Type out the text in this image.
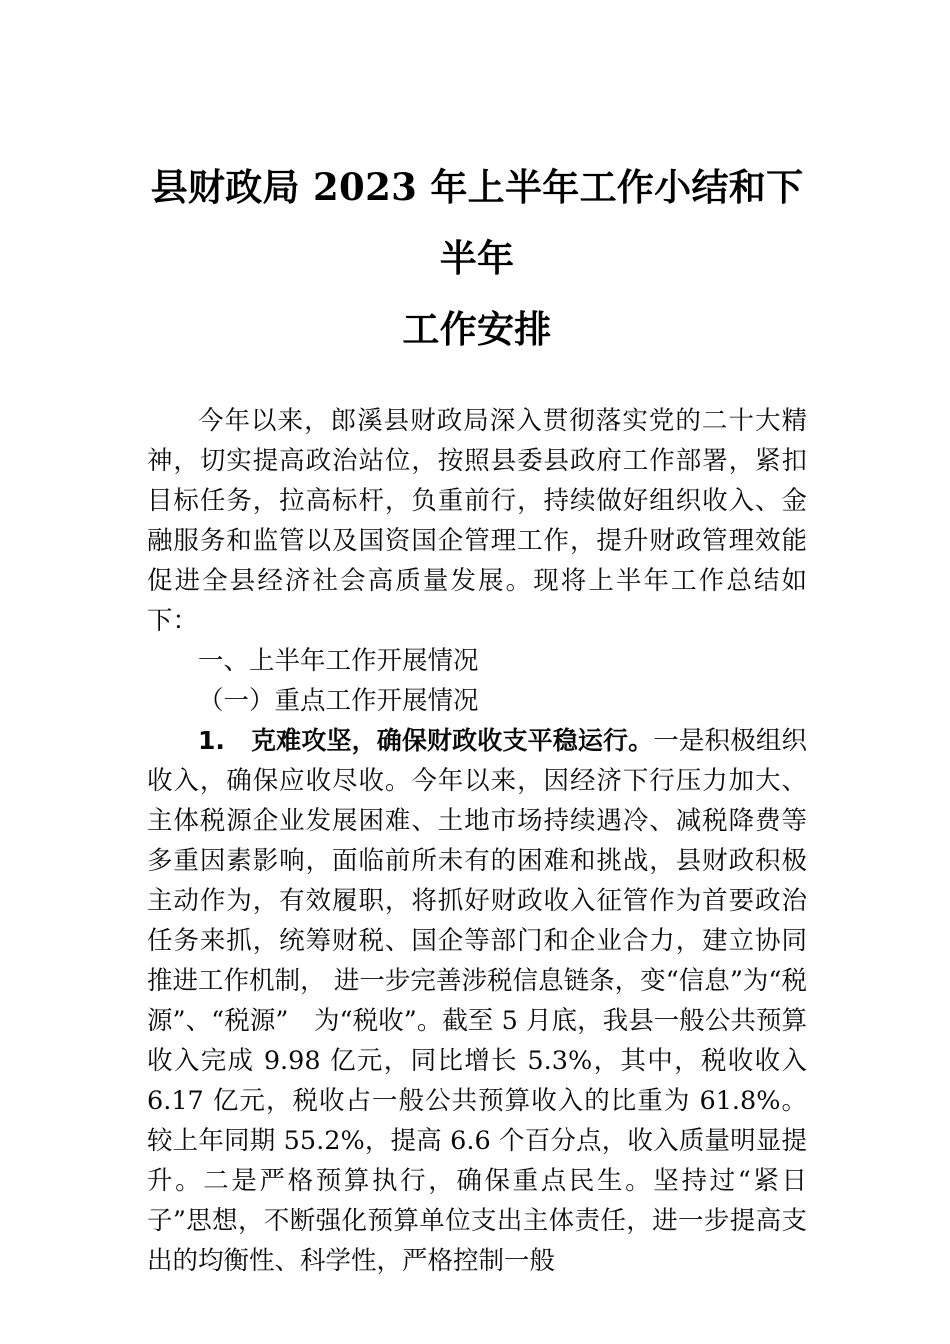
县财政局 2023 年上半年工作小结和下半年
工作安排

今年以来，郎溪县财政局深入贯彻落实党的二十大精神，切实提高政治站位，按照县委县政府工作部署，紧扣目标任务，拉高标杆，负重前行，持续做好组织收入、金融服务和监管以及国资国企管理工作，提升财政管理效能促进全县经济社会高质量发展。现将上半年工作总结如下：

一、上半年工作开展情况

（一）重点工作开展情况

1. 克难攻坚，确保财政收支平稳运行。一是积极组织收入，确保应收尽收。今年以来，因经济下行压力加大、主体税源企业发展困难、土地市场持续遇冷、减税降费等多重因素影响，面临前所未有的困难和挑战，县财政积极主动作为，有效履职，将抓好财政收入征管作为首要政治任务来抓，统筹财税、国企等部门和企业合力，建立协同推进工作机制， 进一步完善涉税信息链条，变“信息”为“税源”、“税源”　为“税收”。截至 5 月底，我县一般公共预算收入完成 9.98 亿元，同比增长 5.3%，其中，税收收入 6.17 亿元，税收占一般公共预算收入的比重为 61.8%。较上年同期 55.2%，提高 6.6 个百分点，收入质量明显提升。二是严格预算执行，确保重点民生。坚持过“紧日子”思想，不断强化预算单位支出主体责任，进一步提高支出的均衡性、科学性，严格控制一般
